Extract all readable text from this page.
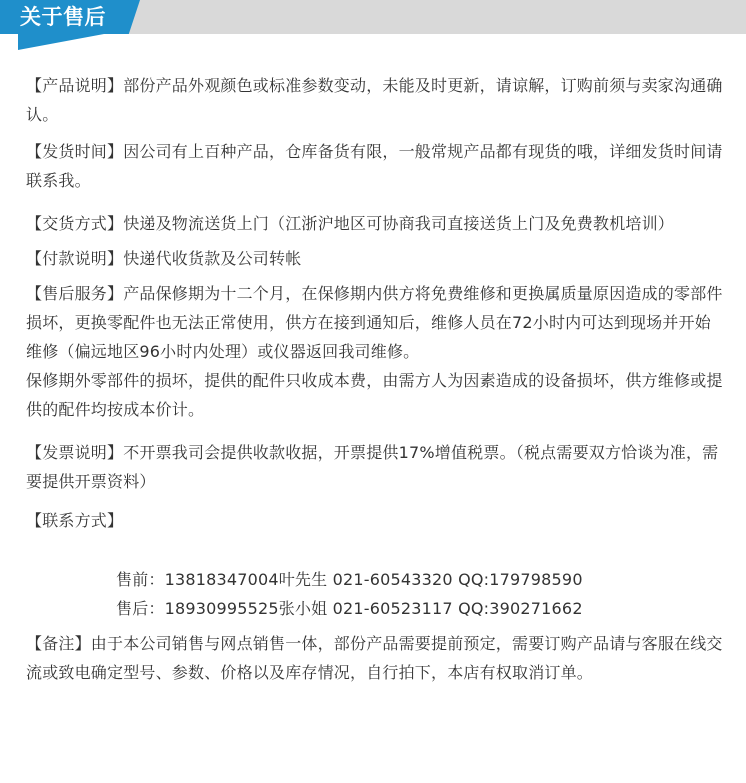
关于售后

【产品说明】部份产品外观颜色或标准参数变动，未能及时更新，请谅解，订购前须与卖家沟通确认。

【发货时间】因公司有上百种产品，仓库备货有限，一般常规产品都有现货的哦，详细发货时间请联系我。

【交货方式】快递及物流送货上门（江浙沪地区可协商我司直接送货上门及免费教机培训）

【付款说明】快递代收货款及公司转帐

【售后服务】产品保修期为十二个月，在保修期内供方将免费维修和更换属质量原因造成的零部件损坏，更换零配件也无法正常使用，供方在接到通知后，维修人员在72小时内可达到现场并开始维修（偏远地区96小时内处理）或仪器返回我司维修。

保修期外零部件的损坏，提供的配件只收成本费，由需方人为因素造成的设备损坏，供方维修或提供的配件均按成本价计。

【发票说明】不开票我司会提供收款收据，开票提供17%增值税票。（税点需要双方恰谈为准，需要提供开票资料）

【联系方式】

售前：13818347004叶先生 021-60543320 QQ:179798590

售后：18930995525张小姐 021-60523117 QQ:390271662

【备注】由于本公司销售与网点销售一体，部份产品需要提前预定，需要订购产品请与客服在线交流或致电确定型号、参数、价格以及库存情况，自行拍下，本店有权取消订单。
